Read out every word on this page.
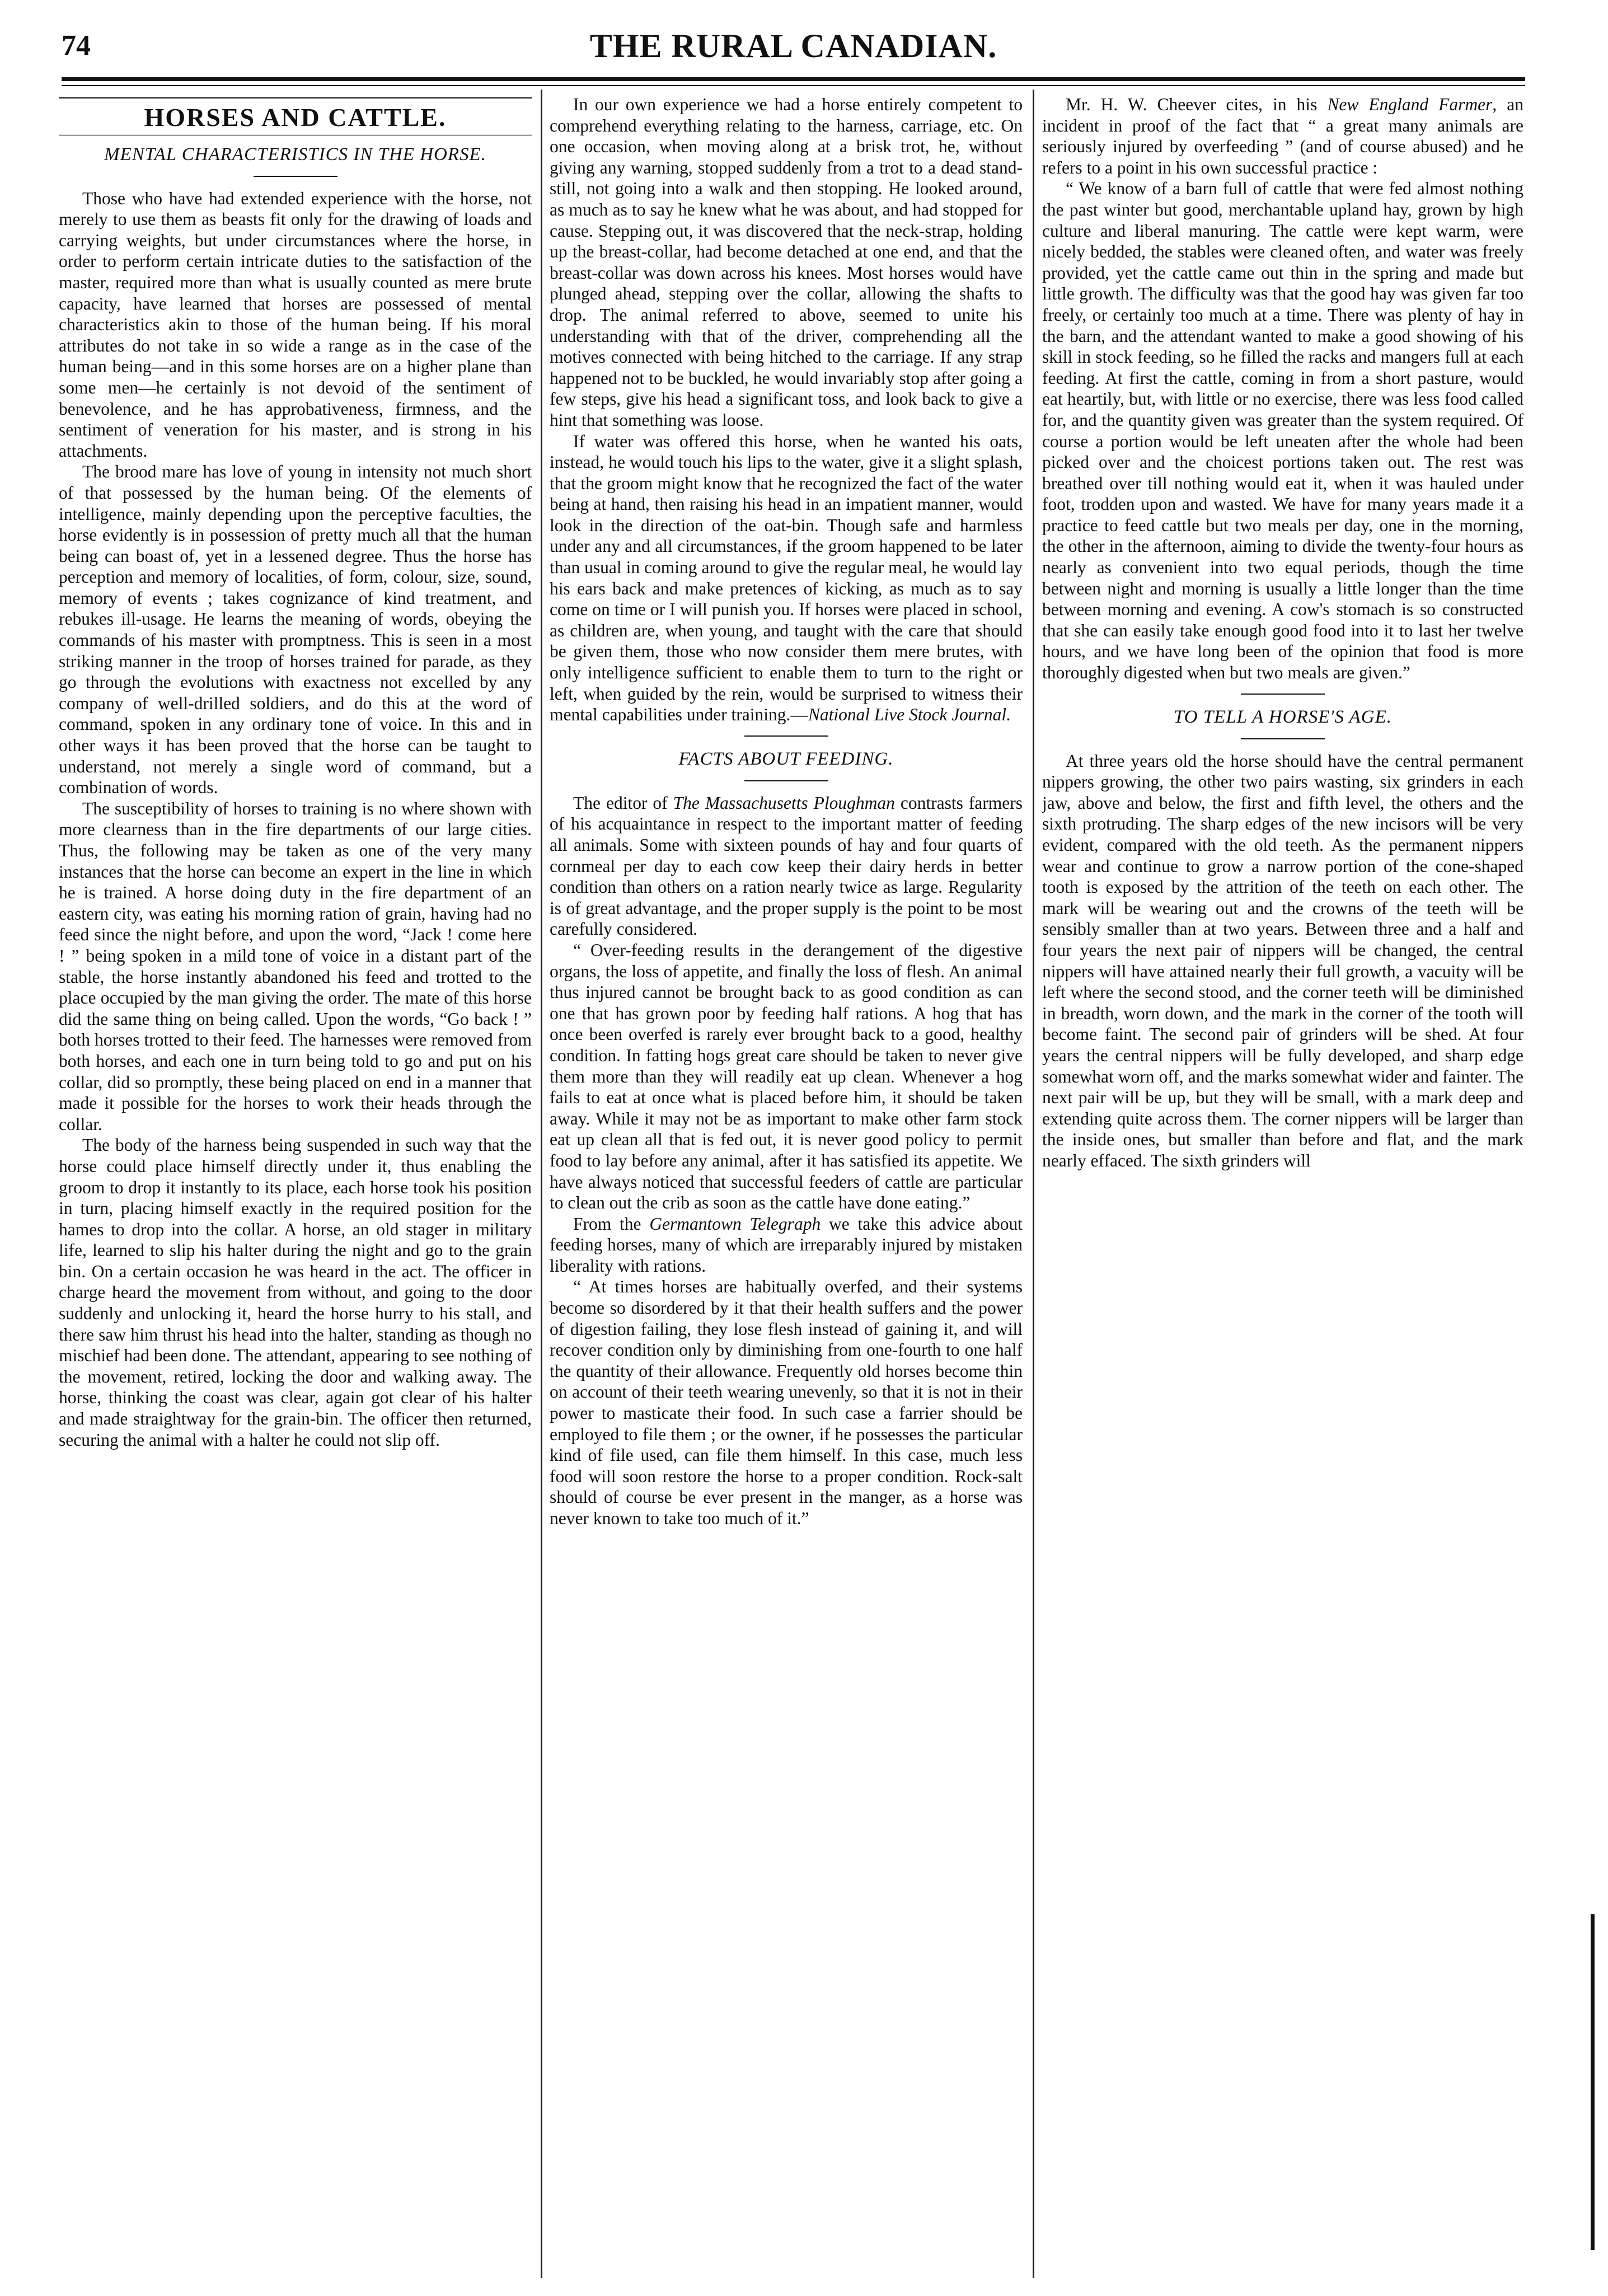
74	THE RURAL CANADIAN.
HORSES AND CATTLE.
MENTAL CHARACTERISTICS IN THE HORSE.

Those who have had extended experience with the horse, not merely to use them as beasts fit only for the drawing of loads and carrying weights, but under circumstances where the horse, in order to perform certain intricate duties to the satisfaction of the master, required more than what is usually counted as mere brute capacity, have learned that horses are possessed of mental characteristics akin to those of the human being. If his moral attributes do not take in so wide a range as in the case of the human being—and in this some horses are on a higher plane than some men—he certainly is not devoid of the sentiment of benevolence, and he has approbativeness, firmness, and the sentiment of veneration for his master, and is strong in his attachments.

The brood mare has love of young in intensity not much short of that possessed by the human being. Of the elements of intelligence, mainly depending upon the perceptive faculties, the horse evidently is in possession of pretty much all that the human being can boast of, yet in a lessened degree. Thus the horse has perception and memory of localities, of form, colour, size, sound, memory of events ; takes cognizance of kind treatment, and rebukes ill-usage. He learns the meaning of words, obeying the commands of his master with promptness. This is seen in a most striking manner in the troop of horses trained for parade, as they go through the evolutions with exactness not excelled by any company of well-drilled soldiers, and do this at the word of command, spoken in any ordinary tone of voice. In this and in other ways it has been proved that the horse can be taught to understand, not merely a single word of command, but a combination of words.

The susceptibility of horses to training is no where shown with more clearness than in the fire departments of our large cities. Thus, the following may be taken as one of the very many instances that the horse can become an expert in the line in which he is trained. A horse doing duty in the fire department of an eastern city, was eating his morning ration of grain, having had no feed since the night before, and upon the word, “Jack ! come here ! ” being spoken in a mild tone of voice in a distant part of the stable, the horse instantly abandoned his feed and trotted to the place occupied by the man giving the order. The mate of this horse did the same thing on being called. Upon the words, “Go back ! ” both horses trotted to their feed. The harnesses were removed from both horses, and each one in turn being told to go and put on his collar, did so promptly, these being placed on end in a manner that made it possible for the horses to work their heads through the collar.

The body of the harness being suspended in such way that the horse could place himself directly under it, thus enabling the groom to drop it instantly to its place, each horse took his position in turn, placing himself exactly in the required position for the hames to drop into the collar. A horse, an old stager in military life, learned to slip his halter during the night and go to the grain bin. On a certain occasion he was heard in the act. The officer in charge heard the movement from without, and going to the door suddenly and unlocking it, heard the horse hurry to his stall, and there saw him thrust his head into the halter, standing as though no mischief had been done. The attendant, appearing to see nothing of the movement, retired, locking the door and walking away. The horse, thinking the coast was clear, again got clear of his halter and made straightway for the grain-bin. The officer then returned, securing the animal with a halter he could not slip off.

In our own experience we had a horse entirely competent to comprehend everything relating to the harness, carriage, etc. On one occasion, when moving along at a brisk trot, he, without giving any warning, stopped suddenly from a trot to a dead stand-still, not going into a walk and then stopping. He looked around, as much as to say he knew what he was about, and had stopped for cause. Stepping out, it was discovered that the neck-strap, holding up the breast-collar, had become detached at one end, and that the breast-collar was down across his knees. Most horses would have plunged ahead, stepping over the collar, allowing the shafts to drop. The animal referred to above, seemed to unite his understanding with that of the driver, comprehending all the motives connected with being hitched to the carriage. If any strap happened not to be buckled, he would invariably stop after going a few steps, give his head a significant toss, and look back to give a hint that something was loose.

If water was offered this horse, when he wanted his oats, instead, he would touch his lips to the water, give it a slight splash, that the groom might know that he recognized the fact of the water being at hand, then raising his head in an impatient manner, would look in the direction of the oat-bin. Though safe and harmless under any and all circumstances, if the groom happened to be later than usual in coming around to give the regular meal, he would lay his ears back and make pretences of kicking, as much as to say come on time or I will punish you. If horses were placed in school, as children are, when young, and taught with the care that should be given them, those who now consider them mere brutes, with only intelligence sufficient to enable them to turn to the right or left, when guided by the rein, would be surprised to witness their mental capabilities under training.—National Live Stock Journal.

FACTS ABOUT FEEDING.

The editor of The Massachusetts Ploughman contrasts farmers of his acquaintance in respect to the important matter of feeding all animals. Some with sixteen pounds of hay and four quarts of cornmeal per day to each cow keep their dairy herds in better condition than others on a ration nearly twice as large. Regularity is of great advantage, and the proper supply is the point to be most carefully considered.

“ Over-feeding results in the derangement of the digestive organs, the loss of appetite, and finally the loss of flesh. An animal thus injured cannot be brought back to as good condition as can one that has grown poor by feeding half rations. A hog that has once been overfed is rarely ever brought back to a good, healthy condition. In fatting hogs great care should be taken to never give them more than they will readily eat up clean. Whenever a hog fails to eat at once what is placed before him, it should be taken away. While it may not be as important to make other farm stock eat up clean all that is fed out, it is never good policy to permit food to lay before any animal, after it has satisfied its appetite. We have always noticed that successful feeders of cattle are particular to clean out the crib as soon as the cattle have done eating.”

From the Germantown Telegraph we take this advice about feeding horses, many of which are irreparably injured by mistaken liberality with rations.

“ At times horses are habitually overfed, and their systems become so disordered by it that their health suffers and the power of digestion failing, they lose flesh instead of gaining it, and will recover condition only by diminishing from one-fourth to one half the quantity of their allowance. Frequently old horses become thin on account of their teeth wearing unevenly, so that it is not in their power to masticate their food. In such case a farrier should be employed to file them ; or the owner, if he possesses the particular kind of file used, can file them himself. In this case, much less food will soon restore the horse to a proper condition. Rock-salt should of course be ever present in the manger, as a horse was never known to take too much of it.”

Mr. H. W. Cheever cites, in his New England Farmer, an incident in proof of the fact that “ a great many animals are seriously injured by overfeeding ” (and of course abused) and he refers to a point in his own successful practice :

“ We know of a barn full of cattle that were fed almost nothing the past winter but good, merchantable upland hay, grown by high culture and liberal manuring. The cattle were kept warm, were nicely bedded, the stables were cleaned often, and water was freely provided, yet the cattle came out thin in the spring and made but little growth. The difficulty was that the good hay was given far too freely, or certainly too much at a time. There was plenty of hay in the barn, and the attendant wanted to make a good showing of his skill in stock feeding, so he filled the racks and mangers full at each feeding. At first the cattle, coming in from a short pasture, would eat heartily, but, with little or no exercise, there was less food called for, and the quantity given was greater than the system required. Of course a portion would be left uneaten after the whole had been picked over and the choicest portions taken out. The rest was breathed over till nothing would eat it, when it was hauled under foot, trodden upon and wasted. We have for many years made it a practice to feed cattle but two meals per day, one in the morning, the other in the afternoon, aiming to divide the twenty-four hours as nearly as convenient into two equal periods, though the time between night and morning is usually a little longer than the time between morning and evening. A cow's stomach is so constructed that she can easily take enough good food into it to last her twelve hours, and we have long been of the opinion that food is more thoroughly digested when but two meals are given.”

TO TELL A HORSE'S AGE.

At three years old the horse should have the central permanent nippers growing, the other two pairs wasting, six grinders in each jaw, above and below, the first and fifth level, the others and the sixth protruding. The sharp edges of the new incisors will be very evident, compared with the old teeth. As the permanent nippers wear and continue to grow a narrow portion of the cone-shaped tooth is exposed by the attrition of the teeth on each other. The mark will be wearing out and the crowns of the teeth will be sensibly smaller than at two years. Between three and a half and four years the next pair of nippers will be changed, the central nippers will have attained nearly their full growth, a vacuity will be left where the second stood, and the corner teeth will be diminished in breadth, worn down, and the mark in the corner of the tooth will become faint. The second pair of grinders will be shed. At four years the central nippers will be fully developed, and sharp edge somewhat worn off, and the marks somewhat wider and fainter. The next pair will be up, but they will be small, with a mark deep and extending quite across them. The corner nippers will be larger than the inside ones, but smaller than before and flat, and the mark nearly effaced. The sixth grinders will
